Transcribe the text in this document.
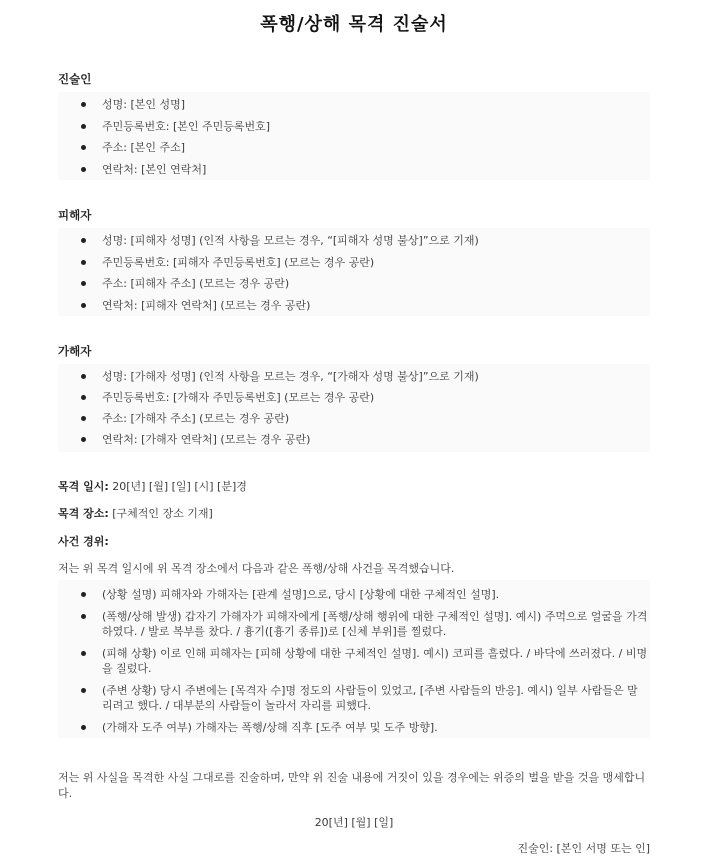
폭행/상해 목격 진술서
진술인
성명: [본인 성명]
주민등록번호: [본인 주민등록번호]
주소: [본인 주소]
연락처: [본인 연락처]
피해자
성명: [피해자 성명] (인적 사항을 모르는 경우, “[피해자 성명 불상]”으로 기재)
주민등록번호: [피해자 주민등록번호] (모르는 경우 공란)
주소: [피해자 주소] (모르는 경우 공란)
연락처: [피해자 연락처] (모르는 경우 공란)
가해자
성명: [가해자 성명] (인적 사항을 모르는 경우, “[가해자 성명 불상]”으로 기재)
주민등록번호: [가해자 주민등록번호] (모르는 경우 공란)
주소: [가해자 주소] (모르는 경우 공란)
연락처: [가해자 연락처] (모르는 경우 공란)
목격 일시: 20[년] [월] [일] [시] [분]경
목격 장소: [구체적인 장소 기재]
사건 경위:
저는 위 목격 일시에 위 목격 장소에서 다음과 같은 폭행/상해 사건을 목격했습니다.
(상황 설명) 피해자와 가해자는 [관계 설명]으로, 당시 [상황에 대한 구체적인 설명].
(폭행/상해 발생) 갑자기 가해자가 피해자에게 [폭행/상해 행위에 대한 구체적인 설명]. 예시) 주먹으로 얼굴을 가격하였다. / 발로 복부를 찼다. / 흉기([흉기 종류])로 [신체 부위]를 찔렀다.
(피해 상황) 이로 인해 피해자는 [피해 상황에 대한 구체적인 설명]. 예시) 코피를 흘렸다. / 바닥에 쓰러졌다. / 비명을 질렀다.
(주변 상황) 당시 주변에는 [목격자 수]명 정도의 사람들이 있었고, [주변 사람들의 반응]. 예시) 일부 사람들은 말리려고 했다. / 대부분의 사람들이 놀라서 자리를 피했다.
(가해자 도주 여부) 가해자는 폭행/상해 직후 [도주 여부 및 도주 방향].
저는 위 사실을 목격한 사실 그대로를 진술하며, 만약 위 진술 내용에 거짓이 있을 경우에는 위증의 벌을 받을 것을 맹세합니다.
20[년] [월] [일]
진술인: [본인 서명 또는 인]
